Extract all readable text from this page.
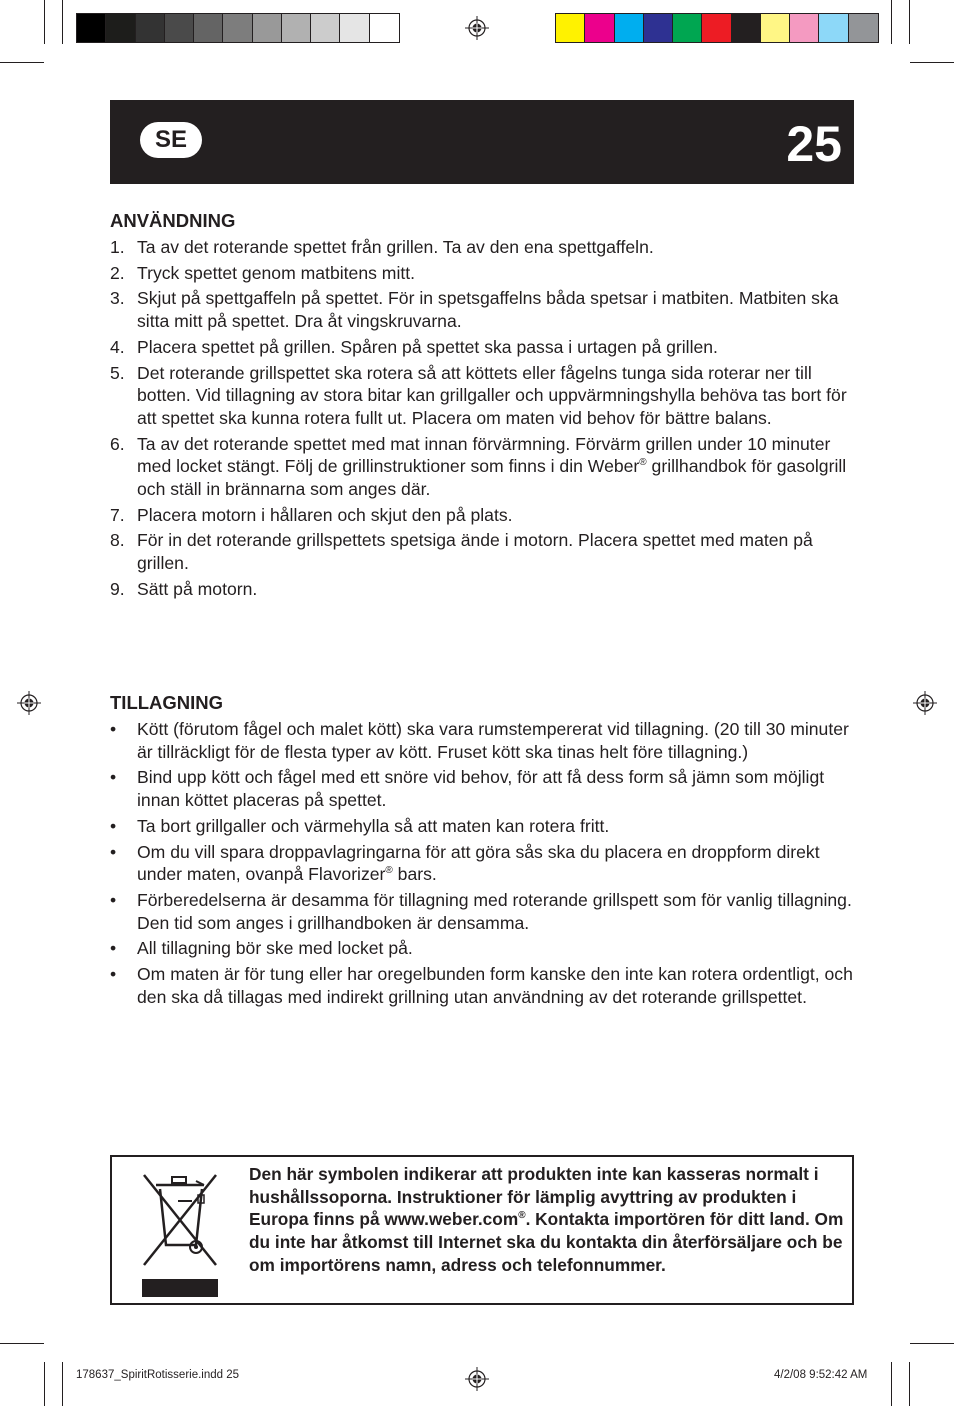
SE	25
ANVÄNDNING
1. Ta av det roterande spettet från grillen. Ta av den ena spettgaffeln.
2. Tryck spettet genom matbitens mitt.
3. Skjut på spettgaffeln på spettet. För in spetsgaffelns båda spetsar i matbiten. Matbiten ska sitta mitt på spettet. Dra åt vingskruvarna.
4. Placera spettet på grillen. Spåren på spettet ska passa i urtagen på grillen.
5. Det roterande grillspettet ska rotera så att köttets eller fågelns tunga sida roterar ner till botten. Vid tillagning av stora bitar kan grillgaller och uppvärmningshylla behöva tas bort för att spettet ska kunna rotera fullt ut. Placera om maten vid behov för bättre balans.
6. Ta av det roterande spettet med mat innan förvärmning. Förvärm grillen under 10 minuter med locket stängt. Följ de grillinstruktioner som finns i din Weber® grillhandbok för gasolgrill och ställ in brännarna som anges där.
7. Placera motorn i hållaren och skjut den på plats.
8. För in det roterande grillspettets spetsiga ände i motorn. Placera spettet med maten på grillen.
9. Sätt på motorn.
TILLAGNING
• Kött (förutom fågel och malet kött) ska vara rumstempererat vid tillagning. (20 till 30 minuter är tillräckligt för de flesta typer av kött. Fruset kött ska tinas helt före tillagning.)
• Bind upp kött och fågel med ett snöre vid behov, för att få dess form så jämn som möjligt innan köttet placeras på spettet.
• Ta bort grillgaller och värmehylla så att maten kan rotera fritt.
• Om du vill spara droppavlagringarna för att göra sås ska du placera en droppform direkt under maten, ovanpå Flavorizer® bars.
• Förberedelserna är desamma för tillagning med roterande grillspett som för vanlig tillagning. Den tid som anges i grillhandboken är densamma.
• All tillagning bör ske med locket på.
• Om maten är för tung eller har oregelbunden form kanske den inte kan rotera ordentligt, och den ska då tillagas med indirekt grillning utan användning av det roterande grillspettet.
Den här symbolen indikerar att produkten inte kan kasseras normalt i hushållssoporna. Instruktioner för lämplig avyttring av produkten i Europa finns på www.weber.com®. Kontakta importören för ditt land. Om du inte har åtkomst till Internet ska du kontakta din återförsäljare och be om importörens namn, adress och telefonnummer.
178637_SpiritRotisserie.indd 25	4/2/08 9:52:42 AM
